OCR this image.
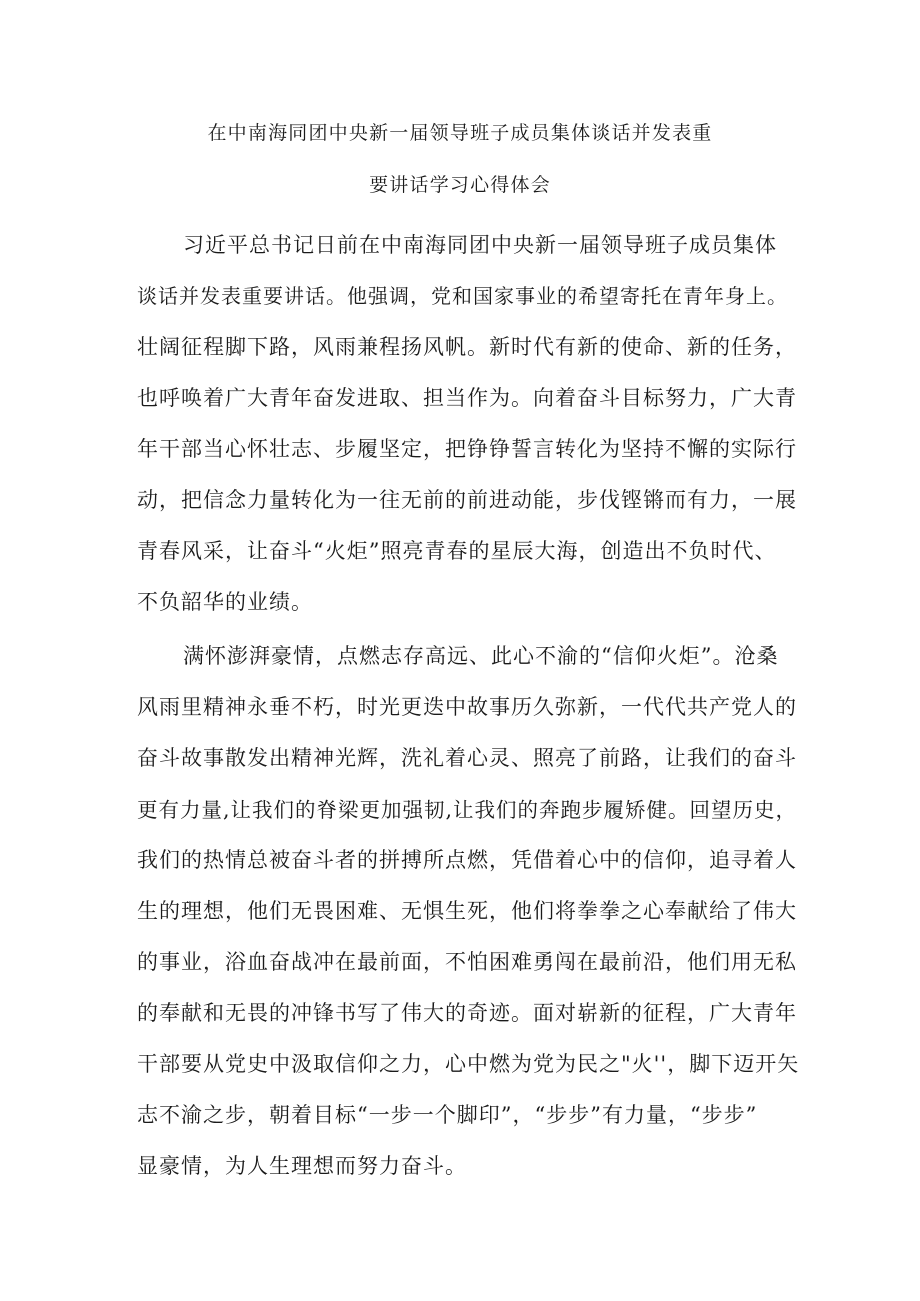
在中南海同团中央新一届领导班子成员集体谈话并发表重
要讲话学习心得体会
习近平总书记日前在中南海同团中央新一届领导班子成员集体
谈话并发表重要讲话。他强调，党和国家事业的希望寄托在青年身上。
壮阔征程脚下路，风雨兼程扬风帆。新时代有新的使命、新的任务，
也呼唤着广大青年奋发进取、担当作为。向着奋斗目标努力，广大青
年干部当心怀壮志、步履坚定，把铮铮誓言转化为坚持不懈的实际行
动，把信念力量转化为一往无前的前进动能，步伐铿锵而有力，一展
青春风采，让奋斗“火炬”照亮青春的星辰大海，创造出不负时代、
不负韶华的业绩。
满怀澎湃豪情，点燃志存高远、此心不渝的“信仰火炬”。沧桑
风雨里精神永垂不朽，时光更迭中故事历久弥新，一代代共产党人的
奋斗故事散发出精神光辉，洗礼着心灵、照亮了前路，让我们的奋斗
更有力量,让我们的脊梁更加强韧,让我们的奔跑步履矫健。回望历史，
我们的热情总被奋斗者的拼搏所点燃，凭借着心中的信仰，追寻着人
生的理想，他们无畏困难、无惧生死，他们将拳拳之心奉献给了伟大
的事业，浴血奋战冲在最前面，不怕困难勇闯在最前沿，他们用无私
的奉献和无畏的冲锋书写了伟大的奇迹。面对崭新的征程，广大青年
干部要从党史中汲取信仰之力，心中燃为党为民之"火''，脚下迈开矢
志不渝之步，朝着目标“一步一个脚印”，“步步”有力量，“步步”
显豪情，为人生理想而努力奋斗。
